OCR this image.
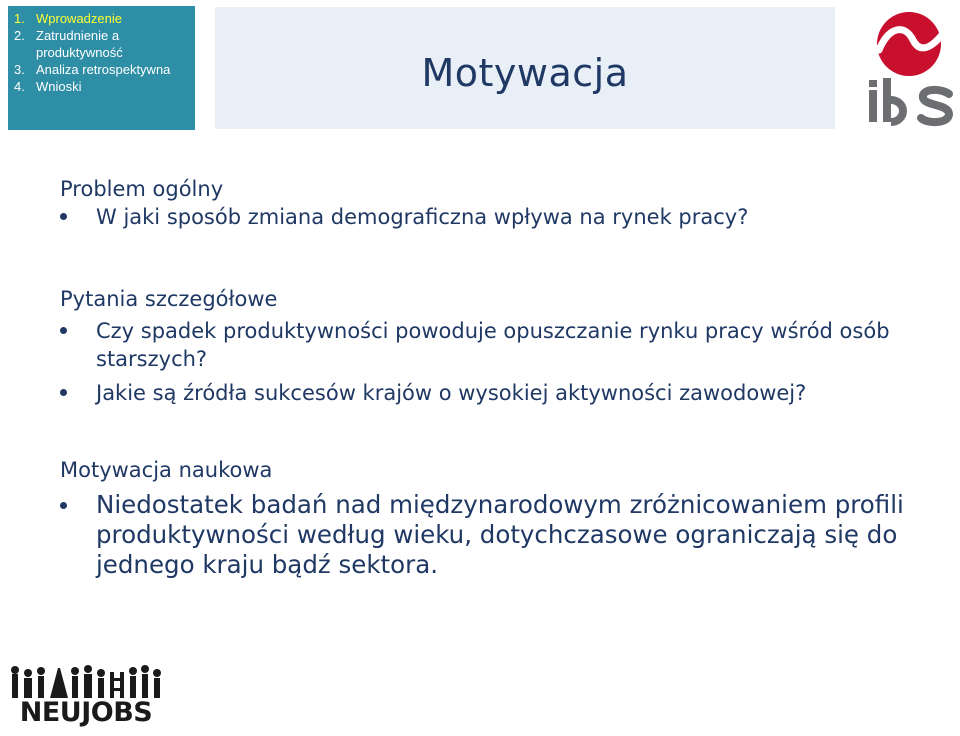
1. Wprowadzenie
2. Zatrudnienie a produktywność
3. Analiza retrospektywna
4. Wnioski	Motywacja
Problem ogólny
W jaki sposób zmiana demograficzna wpływa na rynek pracy?
Pytania szczegółowe
Czy spadek produktywności powoduje opuszczanie rynku pracy wśród osób starszych?
Jakie są źródła sukcesów krajów o wysokiej aktywności zawodowej?
Motywacja naukowa
Niedostatek badań nad międzynarodowym zróżnicowaniem profili produktywności według wieku, dotychczasowe ograniczają się do jednego kraju bądź sektora.
NEUJOBS
